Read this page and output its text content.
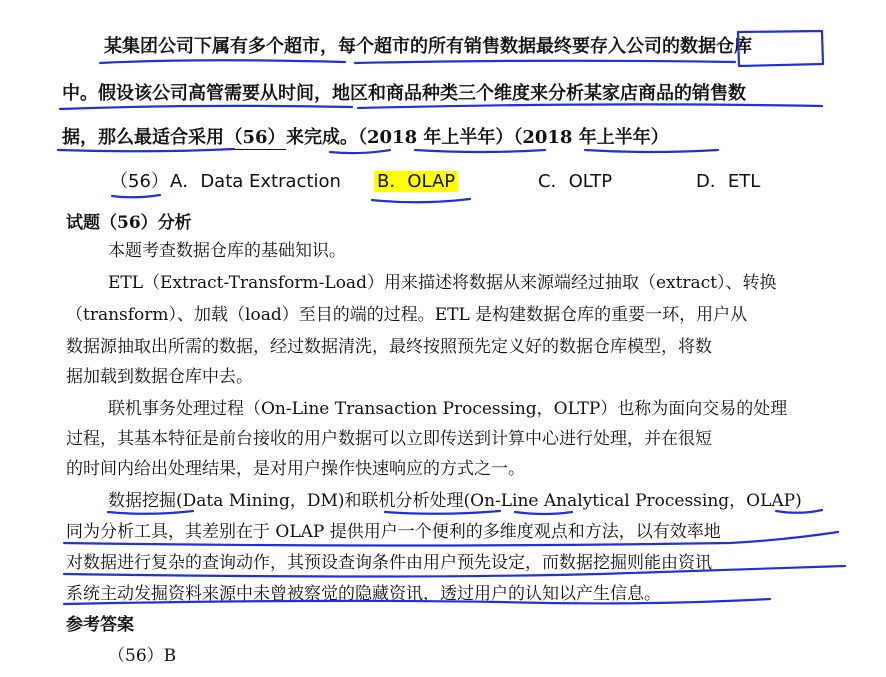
某集团公司下属有多个超市，每个超市的所有销售数据最终要存入公司的数据仓库
中。假设该公司高管需要从时间，地区和商品种类三个维度来分析某家店商品的销售数
据，那么最适合采用（56）来完成。（2018 年上半年）（2018 年上半年）
（56） A．Data Extraction B．OLAP	C．OLTP	D．ETL
试题（56）分析
本题考查数据仓库的基础知识。
ETL（Extract-Transform-Load）用来描述将数据从来源端经过抽取（extract）、转换
（transform）、加载（load）至目的端的过程。ETL 是构建数据仓库的重要一环，用户从
数据源抽取出所需的数据，经过数据清洗，最终按照预先定义好的数据仓库模型，将数
据加载到数据仓库中去。
联机事务处理过程（On-Line Transaction Processing，OLTP）也称为面向交易的处理
过程，其基本特征是前台接收的用户数据可以立即传送到计算中心进行处理，并在很短
的时间内给出处理结果，是对用户操作快速响应的方式之一。
数据挖掘(Data Mining，DM)和联机分析处理(On-Line Analytical Processing，OLAP)
同为分析工具，其差别在于 OLAP 提供用户一个便利的多维度观点和方法，以有效率地
对数据进行复杂的查询动作，其预设查询条件由用户预先设定，而数据挖掘则能由资讯
系统主动发掘资料来源中未曾被察觉的隐藏资讯，透过用户的认知以产生信息。
参考答案
（56）B
